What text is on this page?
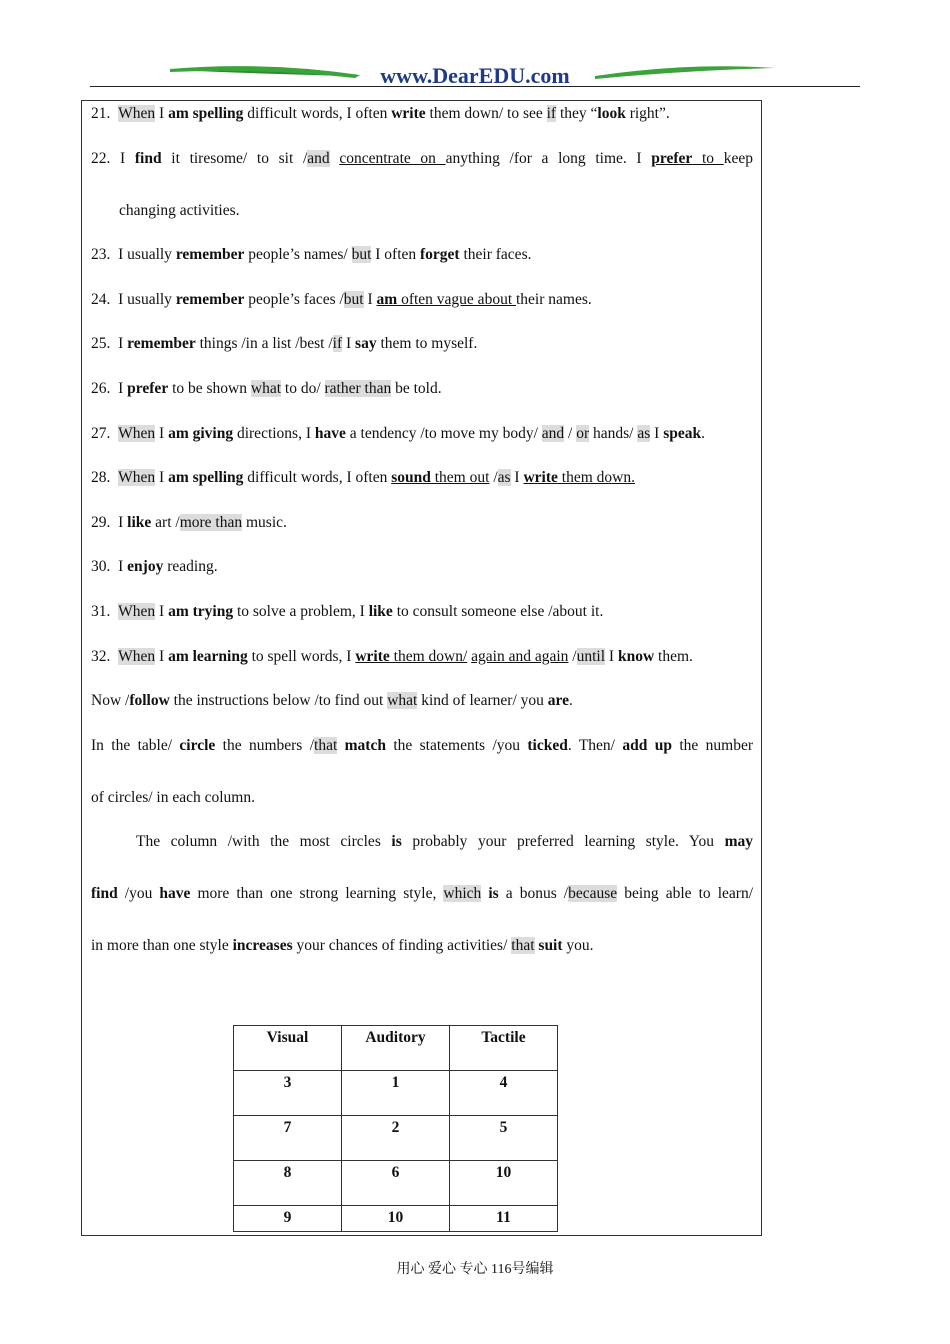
www.DearEDU.com
21. When I am spelling difficult words, I often write them down/ to see if they “look right”.
22. I find it tiresome/ to sit /and concentrate on anything /for a long time. I prefer to keep
changing activities.
23. I usually remember people’s names/ but I often forget their faces.
24. I usually remember people’s faces /but I am often vague about their names.
25. I remember things /in a list /best /if I say them to myself.
26. I prefer to be shown what to do/ rather than be told.
27. When I am giving directions, I have a tendency /to move my body/ and / or hands/ as I speak.
28. When I am spelling difficult words, I often sound them out /as I write them down.
29. I like art /more than music.
30. I enjoy reading.
31. When I am trying to solve a problem, I like to consult someone else /about it.
32. When I am learning to spell words, I write them down/ again and again /until I know them.
Now /follow the instructions below /to find out what kind of learner/ you are.
In the table/ circle the numbers /that match the statements /you ticked. Then/ add up the number
of circles/ in each column.
The column /with the most circles is probably your preferred learning style. You may
find /you have more than one strong learning style, which is a bonus /because being able to learn/
in more than one style increases your chances of finding activities/ that suit you.
Visual	Auditory	Tactile
3	1	4
7	2	5
8	6	10
9	10	11
用心 爱心 专心 116号编辑
